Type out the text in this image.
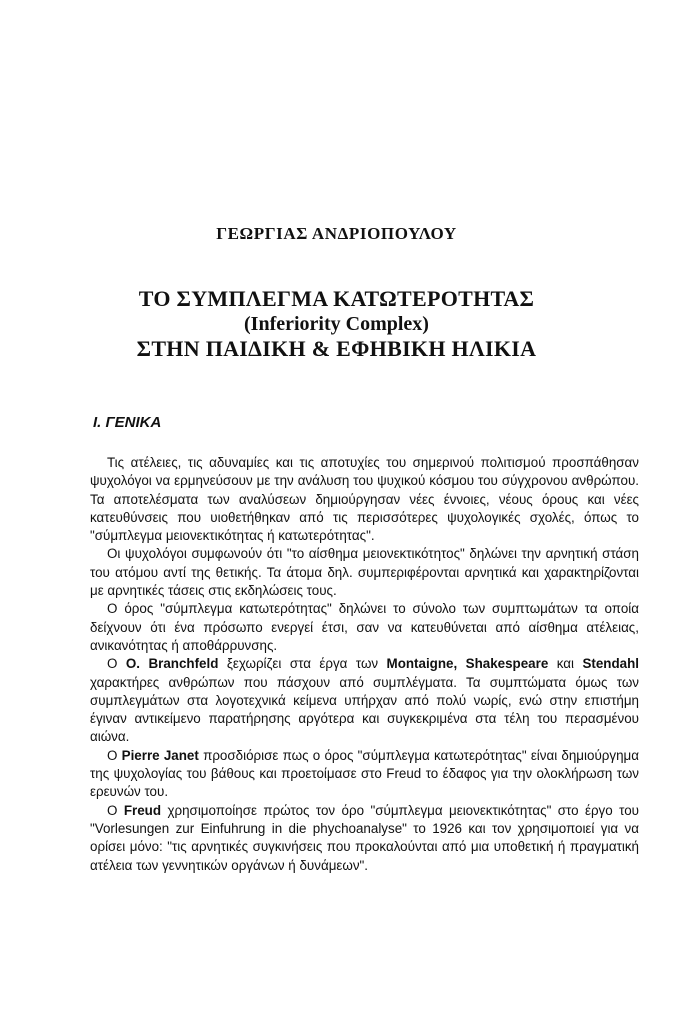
ΓΕΩΡΓΙΑΣ ΑΝΔΡΙΟΠΟΥΛΟΥ
ΤΟ ΣΥΜΠΛΕΓΜΑ ΚΑΤΩΤΕΡΟΤΗΤΑΣ
(Inferiority Complex)
ΣΤΗΝ ΠΑΙΔΙΚΗ & ΕΦΗΒΙΚΗ ΗΛΙΚΙΑ
I. ΓΕΝΙΚΑ

Τις ατέλειες, τις αδυναμίες και τις αποτυχίες του σημερινού πολιτισμού προσπάθησαν ψυχολόγοι να ερμηνεύσουν με την ανάλυση του ψυχικού κόσμου του σύγχρονου ανθρώπου. Τα αποτελέσματα των αναλύσεων δημιούργησαν νέες έννοιες, νέους όρους και νέες κατευθύνσεις που υιοθετήθηκαν από τις περισσότερες ψυχολογικές σχολές, όπως το "σύμπλεγμα μειονεκτικότητας ή κατωτερότητας".

Οι ψυχολόγοι συμφωνούν ότι "το αίσθημα μειονεκτικότητος" δηλώνει την αρνητική στάση του ατόμου αντί της θετικής. Τα άτομα δηλ. συμπεριφέρονται αρνητικά και χαρακτηρίζονται με αρνητικές τάσεις στις εκδηλώσεις τους.

Ο όρος "σύμπλεγμα κατωτερότητας" δηλώνει το σύνολο των συμπτωμάτων τα οποία δείχνουν ότι ένα πρόσωπο ενεργεί έτσι, σαν να κατευθύνεται από αίσθημα ατέλειας, ανικανότητας ή αποθάρρυνσης.

Ο O. Branchfeld ξεχωρίζει στα έργα των Montaigne, Shakespeare και Stendahl χαρακτήρες ανθρώπων που πάσχουν από συμπλέγματα. Τα συμπτώματα όμως των συμπλεγμάτων στα λογοτεχνικά κείμενα υπήρχαν από πολύ νωρίς, ενώ στην επιστήμη έγιναν αντικείμενο παρατήρησης αργότερα και συγκεκριμένα στα τέλη του περασμένου αιώνα.

Ο Pierre Janet προσδιόρισε πως ο όρος "σύμπλεγμα κατωτερότητας" είναι δημιούργημα της ψυχολογίας του βάθους και προετοίμασε στο Freud το έδαφος για την ολοκλήρωση των ερευνών του.

Ο Freud χρησιμοποίησε πρώτος τον όρο "σύμπλεγμα μειονεκτικότητας" στο έργο του "Vorlesungen zur Einfuhrung in die phychoanalyse" το 1926 και τον χρησιμοποιεί για να ορίσει μόνο: "τις αρνητικές συγκινήσεις που προκαλούνται από μια υποθετική ή πραγματική ατέλεια των γεννητικών οργάνων ή δυνάμεων".
